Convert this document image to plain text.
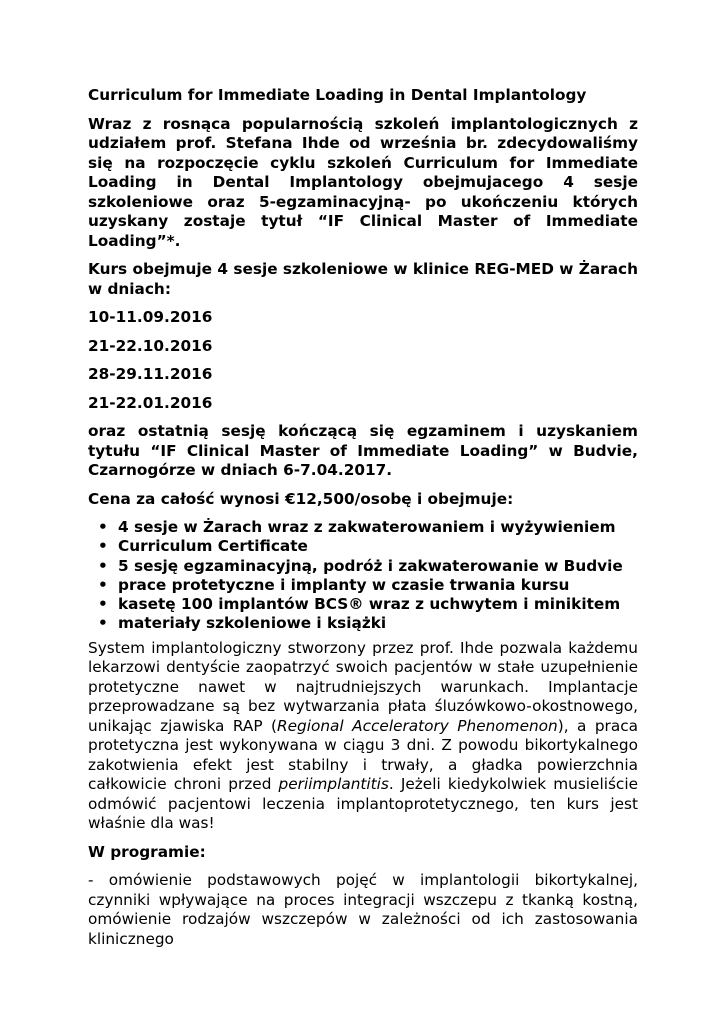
Curriculum for Immediate Loading in Dental Implantology

Wraz z rosnąca popularnością szkoleń implantologicznych z udziałem prof. Stefana Ihde od września br. zdecydowaliśmy się na rozpoczęcie cyklu szkoleń Curriculum for Immediate Loading in Dental Implantology obejmujacego 4 sesje szkoleniowe oraz 5-egzaminacyjną- po ukończeniu których uzyskany zostaje tytuł “IF Clinical Master of Immediate Loading”*.

Kurs obejmuje 4 sesje szkoleniowe w klinice REG-MED w Żarach w dniach:

10-11.09.2016
21-22.10.2016
28-29.11.2016
21-22.01.2016

oraz ostatnią sesję kończącą się egzaminem i uzyskaniem tytułu “IF Clinical Master of Immediate Loading” w Budvie, Czarnogórze w dniach 6-7.04.2017.

Cena za całość wynosi €12,500/osobę i obejmuje:

• 4 sesje w Żarach wraz z zakwaterowaniem i wyżywieniem
• Curriculum Certificate
• 5 sesję egzaminacyjną, podróż i zakwaterowanie w Budvie
• prace protetyczne i implanty w czasie trwania kursu
• kasetę 100 implantów BCS® wraz z uchwytem i minikitem
• materiały szkoleniowe i książki

System implantologiczny stworzony przez prof. Ihde pozwala każdemu lekarzowi dentyście zaopatrzyć swoich pacjentów w stałe uzupełnienie protetyczne nawet w najtrudniejszych warunkach. Implantacje przeprowadzane są bez wytwarzania płata śluzówkowo-okostnowego, unikając zjawiska RAP (Regional Acceleratory Phenomenon), a praca protetyczna jest wykonywana w ciągu 3 dni. Z powodu bikortykalnego zakotwienia efekt jest stabilny i trwały, a gładka powierzchnia całkowicie chroni przed periimplantitis. Jeżeli kiedykolwiek musieliście odmówić pacjentowi leczenia implantoprotetycznego, ten kurs jest właśnie dla was!

W programie:

- omówienie podstawowych pojęć w implantologii bikortykalnej, czynniki wpływające na proces integracji wszczepu z tkanką kostną, omówienie rodzajów wszczepów w zależności od ich zastosowania klinicznego
